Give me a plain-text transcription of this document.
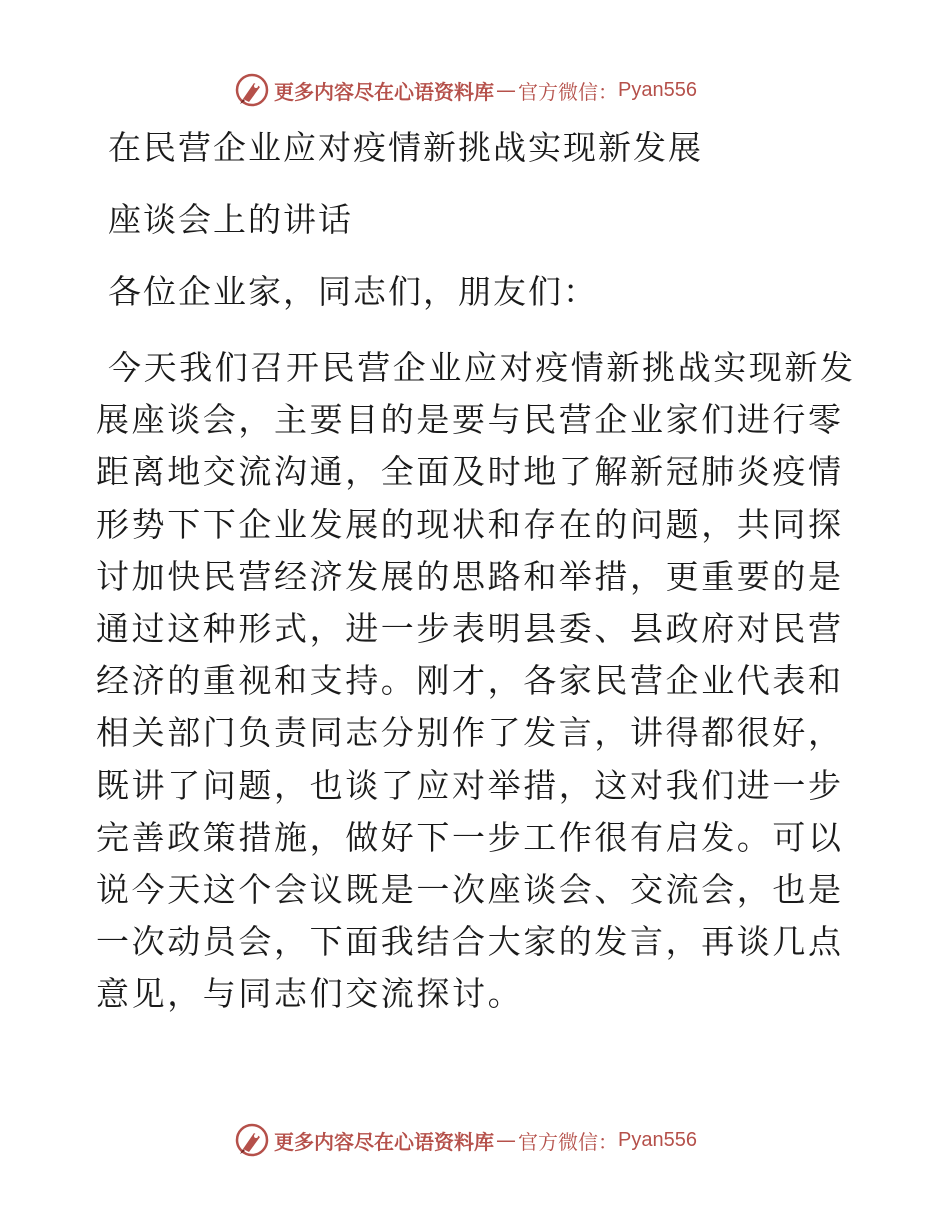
更多内容尽在心语资料库 — 官方微信： Pyan556
在民营企业应对疫情新挑战实现新发展
座谈会上的讲话
各位企业家，同志们，朋友们：

今天我们召开民营企业应对疫情新挑战实现新发展座谈会，主要目的是要与民营企业家们进行零距离地交流沟通，全面及时地了解新冠肺炎疫情形势下下企业发展的现状和存在的问题，共同探讨加快民营经济发展的思路和举措，更重要的是通过这种形式，进一步表明县委、县政府对民营经济的重视和支持。刚才，各家民营企业代表和相关部门负责同志分别作了发言，讲得都很好，既讲了问题，也谈了应对举措，这对我们进一步完善政策措施，做好下一步工作很有启发。可以说今天这个会议既是一次座谈会、交流会，也是一次动员会，下面我结合大家的发言，再谈几点意见，与同志们交流探讨。

更多内容尽在心语资料库 — 官方微信： Pyan556
